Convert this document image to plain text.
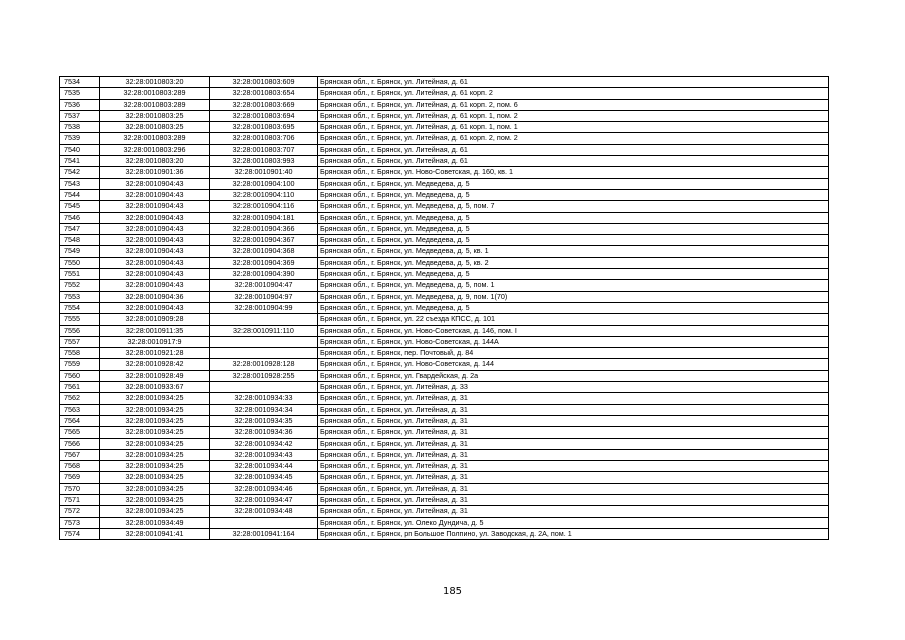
7534	32:28:0010803:20	32:28:0010803:609	Брянская обл., г. Брянск, ул. Литейная, д. 61
7535	32:28:0010803:289	32:28:0010803:654	Брянская обл., г. Брянск, ул. Литейная, д. 61 корп. 2
7536	32:28:0010803:289	32:28:0010803:669	Брянская обл., г. Брянск, ул. Литейная, д. 61 корп. 2, пом. 6
7537	32:28:0010803:25	32:28:0010803:694	Брянская обл., г. Брянск, ул. Литейная, д. 61 корп. 1, пом. 2
7538	32:28:0010803:25	32:28:0010803:695	Брянская обл., г. Брянск, ул. Литейная, д. 61 корп. 1, пом. 1
7539	32:28:0010803:289	32:28:0010803:706	Брянская обл., г. Брянск, ул. Литейная, д. 61 корп. 2, пом. 2
7540	32:28:0010803:296	32:28:0010803:707	Брянская обл., г. Брянск, ул. Литейная, д. 61
7541	32:28:0010803:20	32:28:0010803:993	Брянская обл., г. Брянск, ул. Литейная, д. 61
7542	32:28:0010901:36	32:28:0010901:40	Брянская обл., г. Брянск, ул. Ново-Советская, д. 160, кв. 1
7543	32:28:0010904:43	32:28:0010904:100	Брянская обл., г. Брянск, ул. Медведева, д. 5
7544	32:28:0010904:43	32:28:0010904:110	Брянская обл., г. Брянск, ул. Медведева, д. 5
7545	32:28:0010904:43	32:28:0010904:116	Брянская обл., г. Брянск, ул. Медведева, д. 5, пом. 7
7546	32:28:0010904:43	32:28:0010904:181	Брянская обл., г. Брянск, ул. Медведева, д. 5
7547	32:28:0010904:43	32:28:0010904:366	Брянская обл., г. Брянск, ул. Медведева, д. 5
7548	32:28:0010904:43	32:28:0010904:367	Брянская обл., г. Брянск, ул. Медведева, д. 5
7549	32:28:0010904:43	32:28:0010904:368	Брянская обл., г. Брянск, ул. Медведева, д. 5, кв. 1
7550	32:28:0010904:43	32:28:0010904:369	Брянская обл., г. Брянск, ул. Медведева, д. 5, кв. 2
7551	32:28:0010904:43	32:28:0010904:390	Брянская обл., г. Брянск, ул. Медведева, д. 5
7552	32:28:0010904:43	32:28:0010904:47	Брянская обл., г. Брянск, ул. Медведева, д. 5, пом. 1
7553	32:28:0010904:36	32:28:0010904:97	Брянская обл., г. Брянск, ул. Медведева, д. 9, пом. 1(70)
7554	32:28:0010904:43	32:28:0010904:99	Брянская обл., г. Брянск, ул. Медведева, д. 5
7555	32:28:0010909:28		Брянская обл., г. Брянск, ул. 22 съезда КПСС, д. 101
7556	32:28:0010911:35	32:28:0010911:110	Брянская обл., г. Брянск, ул. Ново-Советская, д. 146, пом. I
7557	32:28:0010917:9		Брянская обл., г. Брянск, ул. Ново-Советская, д. 144А
7558	32:28:0010921:28		Брянская обл., г. Брянск, пер. Почтовый, д. 84
7559	32:28:0010928:42	32:28:0010928:128	Брянская обл., г. Брянск, ул. Ново-Советская, д. 144
7560	32:28:0010928:49	32:28:0010928:255	Брянская обл., г. Брянск, ул. Гвардейская, д. 2а
7561	32:28:0010933:67		Брянская обл., г. Брянск, ул. Литейная, д. 33
7562	32:28:0010934:25	32:28:0010934:33	Брянская обл., г. Брянск, ул. Литейная, д. 31
7563	32:28:0010934:25	32:28:0010934:34	Брянская обл., г. Брянск, ул. Литейная, д. 31
7564	32:28:0010934:25	32:28:0010934:35	Брянская обл., г. Брянск, ул. Литейная, д. 31
7565	32:28:0010934:25	32:28:0010934:36	Брянская обл., г. Брянск, ул. Литейная, д. 31
7566	32:28:0010934:25	32:28:0010934:42	Брянская обл., г. Брянск, ул. Литейная, д. 31
7567	32:28:0010934:25	32:28:0010934:43	Брянская обл., г. Брянск, ул. Литейная, д. 31
7568	32:28:0010934:25	32:28:0010934:44	Брянская обл., г. Брянск, ул. Литейная, д. 31
7569	32:28:0010934:25	32:28:0010934:45	Брянская обл., г. Брянск, ул. Литейная, д. 31
7570	32:28:0010934:25	32:28:0010934:46	Брянская обл., г. Брянск, ул. Литейная, д. 31
7571	32:28:0010934:25	32:28:0010934:47	Брянская обл., г. Брянск, ул. Литейная, д. 31
7572	32:28:0010934:25	32:28:0010934:48	Брянская обл., г. Брянск, ул. Литейная, д. 31
7573	32:28:0010934:49		Брянская обл., г. Брянск, ул. Олеко Дундича, д. 5
7574	32:28:0010941:41	32:28:0010941:164	Брянская обл., г. Брянск, рп Большое Полпино, ул. Заводская, д. 2А, пом. 1
185
